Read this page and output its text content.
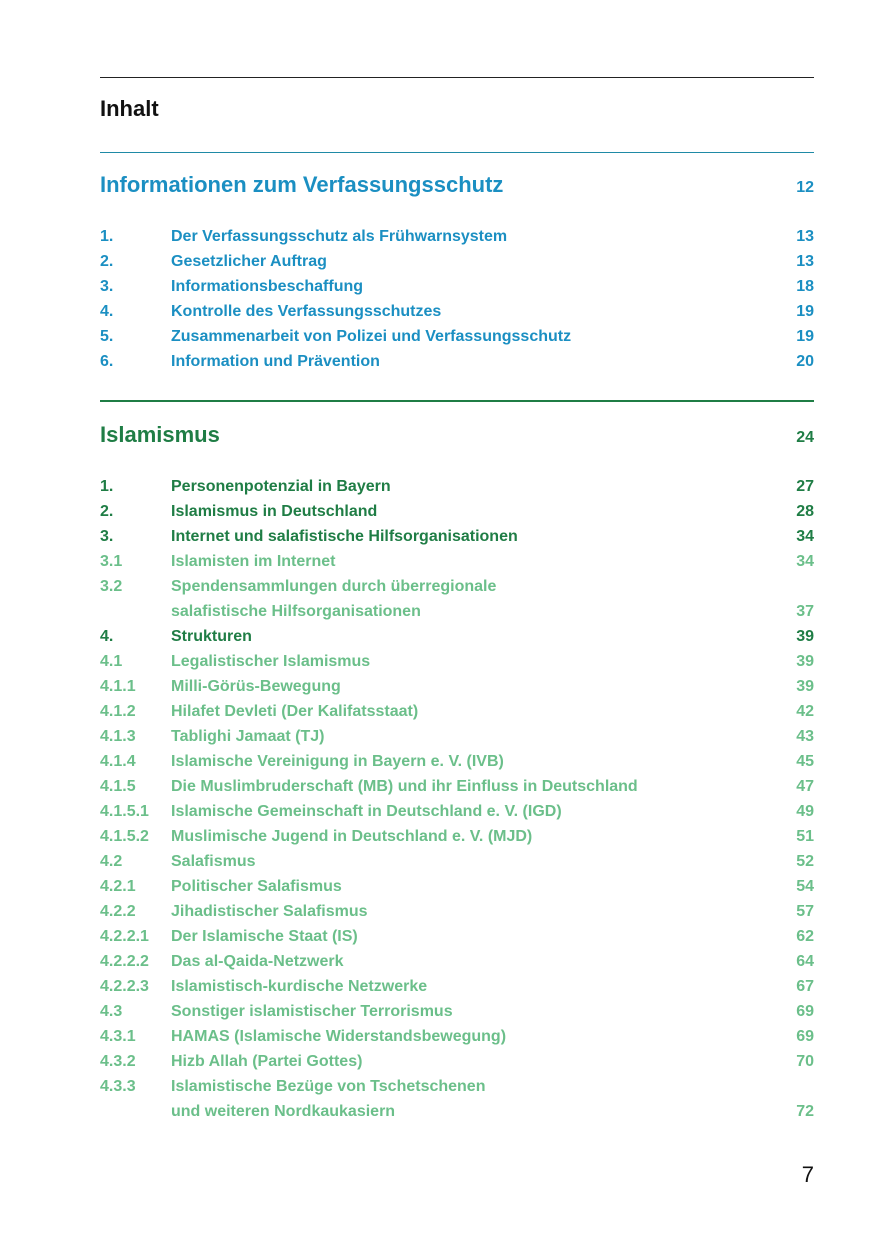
Inhalt
Informationen zum Verfassungsschutz	12
1.	Der Verfassungsschutz als Frühwarnsystem	13
2.	Gesetzlicher Auftrag	13
3.	Informationsbeschaffung	18
4.	Kontrolle des Verfassungsschutzes	19
5.	Zusammenarbeit von Polizei und Verfassungsschutz	19
6.	Information und Prävention	20
Islamismus	24
1.	Personenpotenzial in Bayern	27
2.	Islamismus in Deutschland	28
3.	Internet und salafistische Hilfsorganisationen	34
3.1	Islamisten im Internet	34
3.2	Spendensammlungen durch überregionale
salafistische Hilfsorganisationen	37
4.	Strukturen	39
4.1	Legalistischer Islamismus	39
4.1.1	Milli-Görüs-Bewegung	39
4.1.2	Hilafet Devleti (Der Kalifatsstaat)	42
4.1.3	Tablighi Jamaat (TJ)	43
4.1.4	Islamische Vereinigung in Bayern e. V. (IVB)	45
4.1.5	Die Muslimbruderschaft (MB) und ihr Einfluss in Deutschland	47
4.1.5.1	Islamische Gemeinschaft in Deutschland e. V. (IGD)	49
4.1.5.2	Muslimische Jugend in Deutschland e. V. (MJD)	51
4.2	Salafismus	52
4.2.1	Politischer Salafismus	54
4.2.2	Jihadistischer Salafismus	57
4.2.2.1	Der Islamische Staat (IS)	62
4.2.2.2	Das al-Qaida-Netzwerk	64
4.2.2.3	Islamistisch-kurdische Netzwerke	67
4.3	Sonstiger islamistischer Terrorismus	69
4.3.1	HAMAS (Islamische Widerstandsbewegung)	69
4.3.2	Hizb Allah (Partei Gottes)	70
4.3.3	Islamistische Bezüge von Tschetschenen
und weiteren Nordkaukasiern	72
7
